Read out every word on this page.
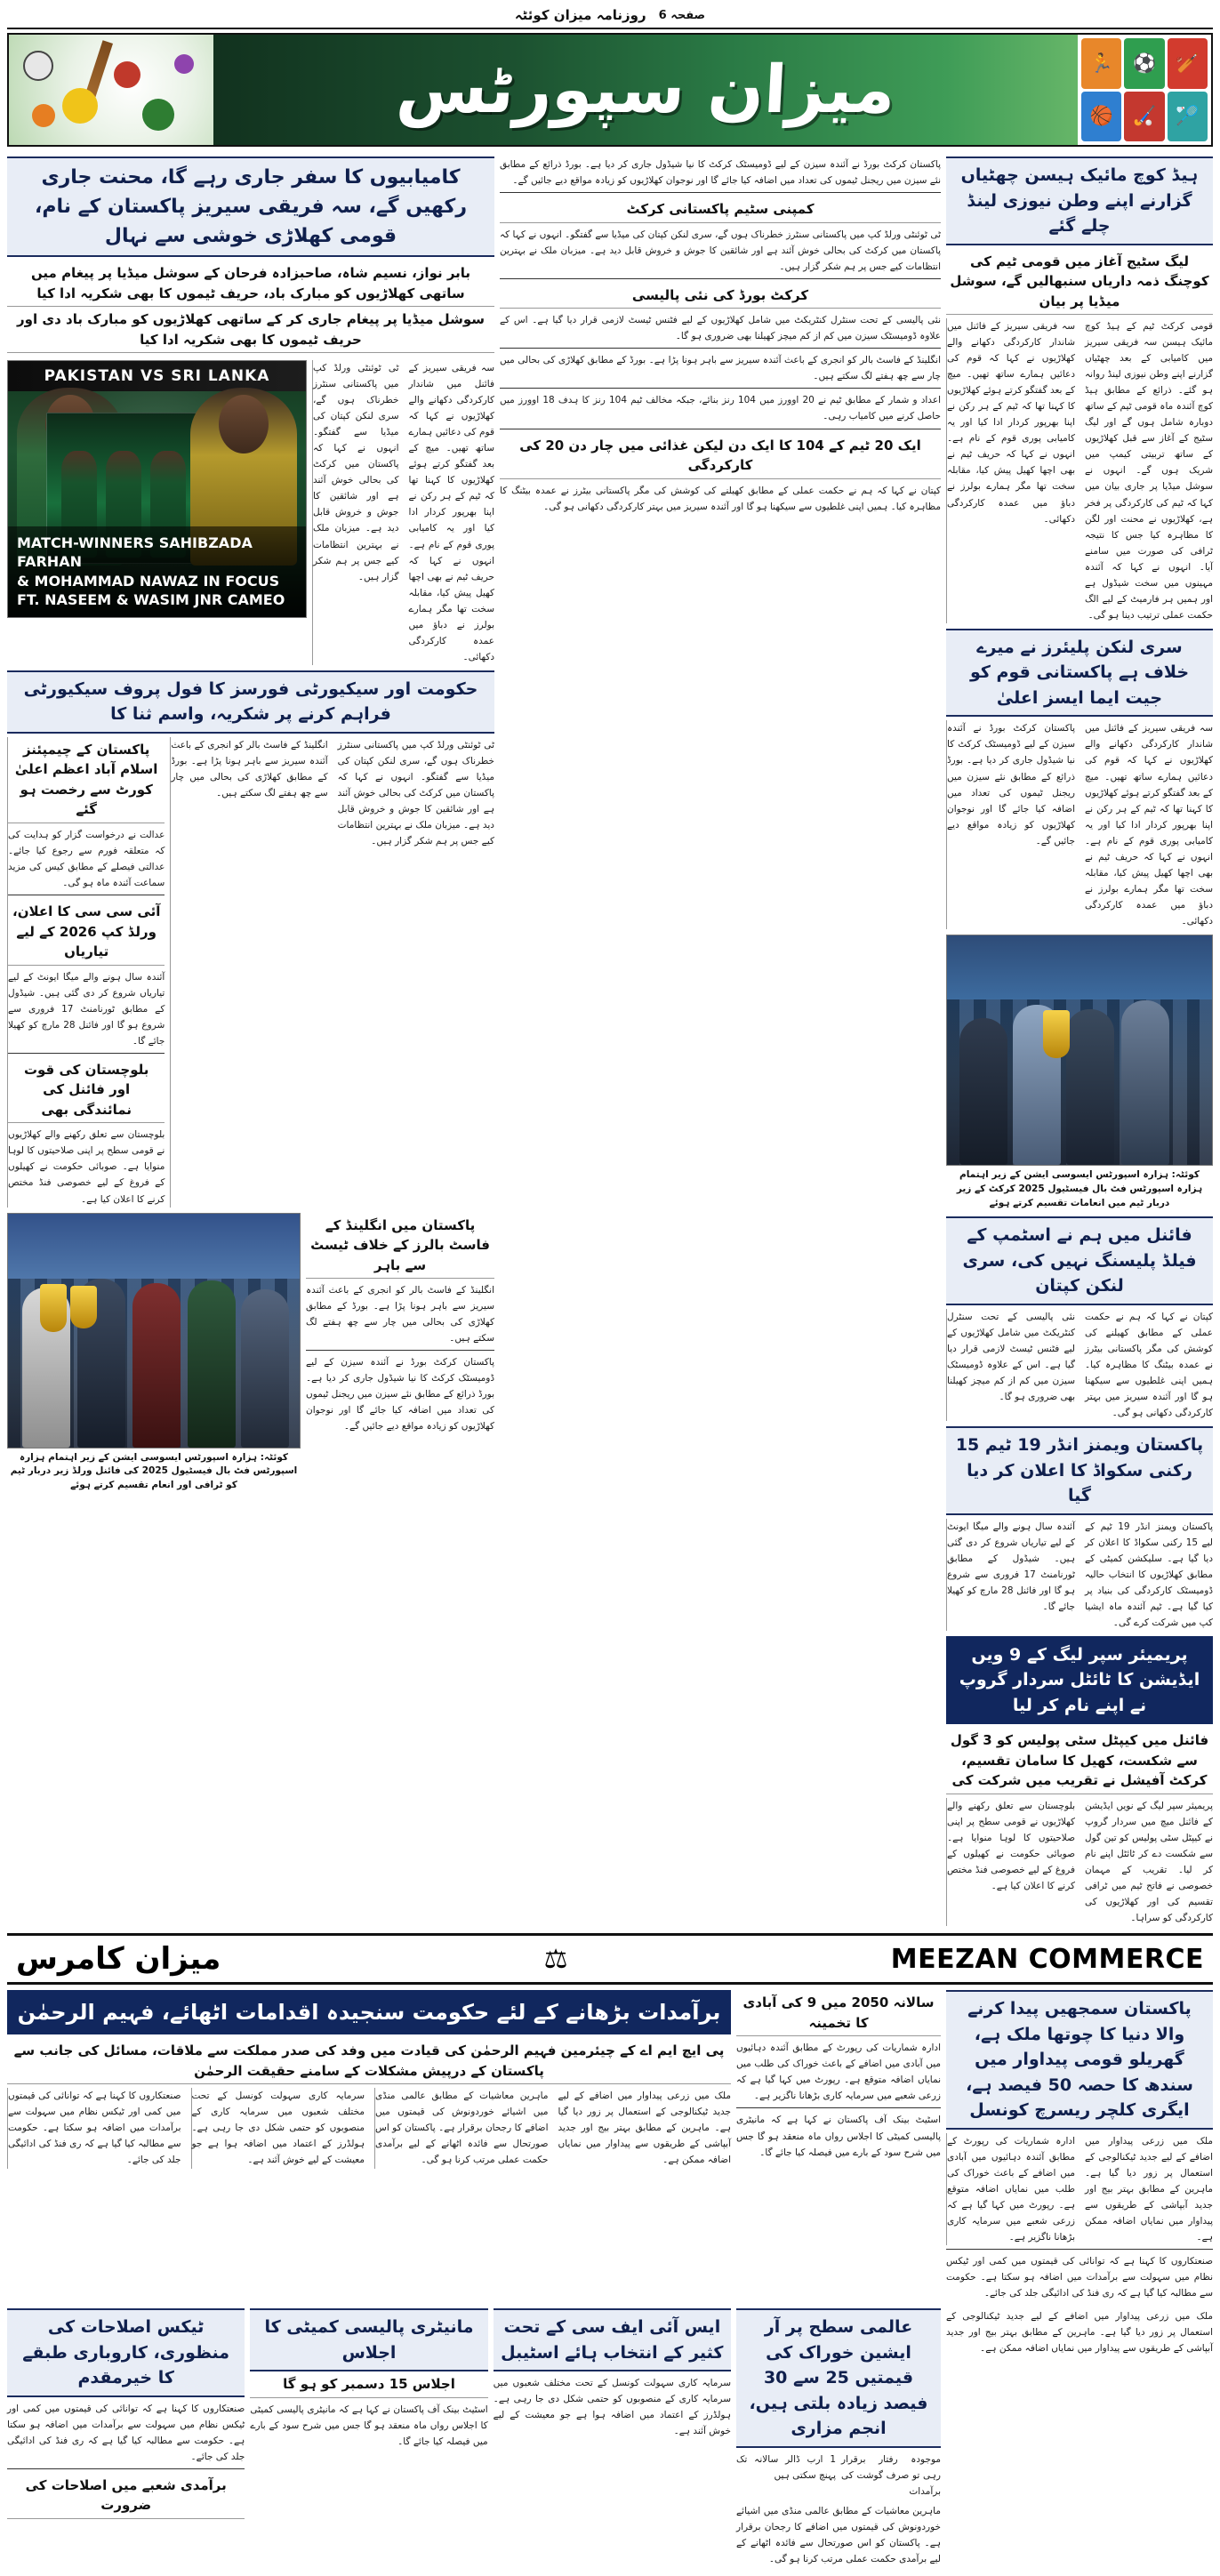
صفحہ 6
روزنامہ میزان کوئٹہ
🏏
⚽
🏃
🏸
🏑
🏀
میزان سپورٹس
ہیڈ کوچ مائیک ہیسن چھٹیاں گزارنے اپنے وطن نیوزی لینڈ چلے گئے
لیگ سٹیج آغاز میں قومی ٹیم کی کوچنگ ذمہ داریاں سنبھالیں گے، سوشل میڈیا پر بیان
قومی کرکٹ ٹیم کے ہیڈ کوچ مائیک ہیسن سہ فریقی سیریز میں کامیابی کے بعد چھٹیاں گزارنے اپنے وطن نیوزی لینڈ روانہ ہو گئے۔ ذرائع کے مطابق ہیڈ کوچ آئندہ ماہ قومی ٹیم کے ساتھ دوبارہ شامل ہوں گے اور لیگ سٹیج کے آغاز سے قبل کھلاڑیوں کے ساتھ تربیتی کیمپ میں شریک ہوں گے۔ انہوں نے سوشل میڈیا پر جاری بیان میں کہا کہ ٹیم کی کارکردگی پر فخر ہے، کھلاڑیوں نے محنت اور لگن کا مظاہرہ کیا جس کا نتیجہ ٹرافی کی صورت میں سامنے آیا۔ انہوں نے کہا کہ آئندہ مہینوں میں سخت شیڈول ہے اور ہمیں ہر فارمیٹ کے لیے الگ حکمت عملی ترتیب دینا ہو گی۔
سہ فریقی سیریز کے فائنل میں شاندار کارکردگی دکھانے والے کھلاڑیوں نے کہا کہ قوم کی دعائیں ہمارے ساتھ تھیں۔ میچ کے بعد گفتگو کرتے ہوئے کھلاڑیوں کا کہنا تھا کہ ٹیم کے ہر رکن نے اپنا بھرپور کردار ادا کیا اور یہ کامیابی پوری قوم کے نام ہے۔ انہوں نے کہا کہ حریف ٹیم نے بھی اچھا کھیل پیش کیا، مقابلہ سخت تھا مگر ہمارے بولرز نے دباؤ میں عمدہ کارکردگی دکھائی۔
سری لنکن پلیئرز نے میرے خلاف ہے پاکستانی قوم کو جیت ایما ایسز اعلیٰ
سہ فریقی سیریز کے فائنل میں شاندار کارکردگی دکھانے والے کھلاڑیوں نے کہا کہ قوم کی دعائیں ہمارے ساتھ تھیں۔ میچ کے بعد گفتگو کرتے ہوئے کھلاڑیوں کا کہنا تھا کہ ٹیم کے ہر رکن نے اپنا بھرپور کردار ادا کیا اور یہ کامیابی پوری قوم کے نام ہے۔ انہوں نے کہا کہ حریف ٹیم نے بھی اچھا کھیل پیش کیا، مقابلہ سخت تھا مگر ہمارے بولرز نے دباؤ میں عمدہ کارکردگی دکھائی۔
پاکستان کرکٹ بورڈ نے آئندہ سیزن کے لیے ڈومیسٹک کرکٹ کا نیا شیڈول جاری کر دیا ہے۔ بورڈ ذرائع کے مطابق نئے سیزن میں ریجنل ٹیموں کی تعداد میں اضافہ کیا جائے گا اور نوجوان کھلاڑیوں کو زیادہ مواقع دیے جائیں گے۔
کوئٹہ: ہزارہ اسپورٹس ایسوسی ایشن کے زیر اہتمام ہزارہ اسپورٹس فٹ بال فیسٹیول 2025 کرکٹ کے زیر دربار ٹیم میں انعامات تقسیم کرتے ہوئے
فائنل میں ہم نے اسٹمپ کے فیلڈ پلیسنگ نہیں کی، سری لنکن کپتان
کپتان نے کہا کہ ہم نے حکمت عملی کے مطابق کھیلنے کی کوشش کی مگر پاکستانی بیٹرز نے عمدہ بیٹنگ کا مظاہرہ کیا۔ ہمیں اپنی غلطیوں سے سیکھنا ہو گا اور آئندہ سیریز میں بہتر کارکردگی دکھانی ہو گی۔
نئی پالیسی کے تحت سنٹرل کنٹریکٹ میں شامل کھلاڑیوں کے لیے فٹنس ٹیسٹ لازمی قرار دیا گیا ہے۔ اس کے علاوہ ڈومیسٹک سیزن میں کم از کم میچز کھیلنا بھی ضروری ہو گا۔
پاکستان ویمنز انڈر 19 ٹیم 15 رکنی سکواڈ کا اعلان کر دیا گیا
پاکستان ویمنز انڈر 19 ٹیم کے لیے 15 رکنی سکواڈ کا اعلان کر دیا گیا ہے۔ سلیکشن کمیٹی کے مطابق کھلاڑیوں کا انتخاب حالیہ ڈومیسٹک کارکردگی کی بنیاد پر کیا گیا ہے۔ ٹیم آئندہ ماہ ایشیا کپ میں شرکت کرے گی۔
آئندہ سال ہونے والے میگا ایونٹ کے لیے تیاریاں شروع کر دی گئی ہیں۔ شیڈول کے مطابق ٹورنامنٹ 17 فروری سے شروع ہو گا اور فائنل 28 مارچ کو کھیلا جائے گا۔
پریمیئر سپر لیگ کے 9 ویں ایڈیشن کا ٹائٹل سردار گروپ نے اپنے نام کر لیا
فائنل میں کیپٹل سٹی پولیس کو 3 گول سے شکست، کھیل کا سامان تقسیم، کرکٹ آفیشل نے تقریب میں شرکت کی
پریمیئر سپر لیگ کے نویں ایڈیشن کے فائنل میچ میں سردار گروپ نے کیپٹل سٹی پولیس کو تین گول سے شکست دے کر ٹائٹل اپنے نام کر لیا۔ تقریب کے مہمان خصوصی نے فاتح ٹیم میں ٹرافی تقسیم کی اور کھلاڑیوں کی کارکردگی کو سراہا۔
بلوچستان سے تعلق رکھنے والے کھلاڑیوں نے قومی سطح پر اپنی صلاحیتوں کا لوہا منوایا ہے۔ صوبائی حکومت نے کھیلوں کے فروغ کے لیے خصوصی فنڈ مختص کرنے کا اعلان کیا ہے۔
پاکستان کرکٹ بورڈ نے آئندہ سیزن کے لیے ڈومیسٹک کرکٹ کا نیا شیڈول جاری کر دیا ہے۔ بورڈ ذرائع کے مطابق نئے سیزن میں ریجنل ٹیموں کی تعداد میں اضافہ کیا جائے گا اور نوجوان کھلاڑیوں کو زیادہ مواقع دیے جائیں گے۔
کمپنی سٹیم پاکستانی کرکٹ
ٹی ٹوئنٹی ورلڈ کپ میں پاکستانی سنٹرز خطرناک ہوں گے، سری لنکن کپتان کی میڈیا سے گفتگو۔ انہوں نے کہا کہ پاکستان میں کرکٹ کی بحالی خوش آئند ہے اور شائقین کا جوش و خروش قابل دید ہے۔ میزبان ملک نے بہترین انتظامات کیے جس پر ہم شکر گزار ہیں۔
کرکٹ بورڈ کی نئی پالیسی
نئی پالیسی کے تحت سنٹرل کنٹریکٹ میں شامل کھلاڑیوں کے لیے فٹنس ٹیسٹ لازمی قرار دیا گیا ہے۔ اس کے علاوہ ڈومیسٹک سیزن میں کم از کم میچز کھیلنا بھی ضروری ہو گا۔
انگلینڈ کے فاسٹ بالر کو انجری کے باعث آئندہ سیریز سے باہر ہونا پڑا ہے۔ بورڈ کے مطابق کھلاڑی کی بحالی میں چار سے چھ ہفتے لگ سکتے ہیں۔
اعداد و شمار کے مطابق ٹیم نے 20 اوورز میں 104 رنز بنائے، جبکہ مخالف ٹیم 104 رنز کا ہدف 18 اوورز میں حاصل کرنے میں کامیاب رہی۔
ایک 20 ٹیم کے 104 کا ایک دن لیکن غذائی میں چار دن 20 کی کارکردگی
کپتان نے کہا کہ ہم نے حکمت عملی کے مطابق کھیلنے کی کوشش کی مگر پاکستانی بیٹرز نے عمدہ بیٹنگ کا مظاہرہ کیا۔ ہمیں اپنی غلطیوں سے سیکھنا ہو گا اور آئندہ سیریز میں بہتر کارکردگی دکھانی ہو گی۔
کامیابیوں کا سفر جاری رہے گا، محنت جاری رکھیں گے، سہ فریقی سیریز پاکستان کے نام، قومی کھلاڑی خوشی سے نہال
بابر نواز، نسیم شاہ، صاحبزادہ فرحان کے سوشل میڈیا پر پیغام میں ساتھی کھلاڑیوں کو مبارک باد، حریف ٹیموں کا بھی شکریہ ادا کیا
سوشل میڈیا پر پیغام جاری کر کے ساتھی کھلاڑیوں کو مبارک باد دی اور حریف ٹیموں کا بھی شکریہ ادا کیا
سہ فریقی سیریز کے فائنل میں شاندار کارکردگی دکھانے والے کھلاڑیوں نے کہا کہ قوم کی دعائیں ہمارے ساتھ تھیں۔ میچ کے بعد گفتگو کرتے ہوئے کھلاڑیوں کا کہنا تھا کہ ٹیم کے ہر رکن نے اپنا بھرپور کردار ادا کیا اور یہ کامیابی پوری قوم کے نام ہے۔ انہوں نے کہا کہ حریف ٹیم نے بھی اچھا کھیل پیش کیا، مقابلہ سخت تھا مگر ہمارے بولرز نے دباؤ میں عمدہ کارکردگی دکھائی۔
ٹی ٹوئنٹی ورلڈ کپ میں پاکستانی سنٹرز خطرناک ہوں گے، سری لنکن کپتان کی میڈیا سے گفتگو۔ انہوں نے کہا کہ پاکستان میں کرکٹ کی بحالی خوش آئند ہے اور شائقین کا جوش و خروش قابل دید ہے۔ میزبان ملک نے بہترین انتظامات کیے جس پر ہم شکر گزار ہیں۔
PAKISTAN VS SRI LANKA
MATCH-WINNERS SAHIBZADA FARHAN
& MOHAMMAD NAWAZ IN FOCUS
FT. NASEEM & WASIM JNR CAMEO
حکومت اور سیکیورٹی فورسز کا فول پروف سیکیورٹی فراہم کرنے پر شکریہ، واسم ثنا کا
ٹی ٹوئنٹی ورلڈ کپ میں پاکستانی سنٹرز خطرناک ہوں گے، سری لنکن کپتان کی میڈیا سے گفتگو۔ انہوں نے کہا کہ پاکستان میں کرکٹ کی بحالی خوش آئند ہے اور شائقین کا جوش و خروش قابل دید ہے۔ میزبان ملک نے بہترین انتظامات کیے جس پر ہم شکر گزار ہیں۔
انگلینڈ کے فاسٹ بالر کو انجری کے باعث آئندہ سیریز سے باہر ہونا پڑا ہے۔ بورڈ کے مطابق کھلاڑی کی بحالی میں چار سے چھ ہفتے لگ سکتے ہیں۔
پاکستان کے چیمپئنز اسلام آباد اعظم اعلیٰ کورٹ سے رخصت ہو گئے
عدالت نے درخواست گزار کو ہدایت کی کہ متعلقہ فورم سے رجوع کیا جائے۔ عدالتی فیصلے کے مطابق کیس کی مزید سماعت آئندہ ماہ ہو گی۔
آئی سی سی کا اعلان، ورلڈ کپ 2026 کے لیے تیاریاں
آئندہ سال ہونے والے میگا ایونٹ کے لیے تیاریاں شروع کر دی گئی ہیں۔ شیڈول کے مطابق ٹورنامنٹ 17 فروری سے شروع ہو گا اور فائنل 28 مارچ کو کھیلا جائے گا۔
بلوچستان کی قوت اور فائنل کی نمائندگی بھی
بلوچستان سے تعلق رکھنے والے کھلاڑیوں نے قومی سطح پر اپنی صلاحیتوں کا لوہا منوایا ہے۔ صوبائی حکومت نے کھیلوں کے فروغ کے لیے خصوصی فنڈ مختص کرنے کا اعلان کیا ہے۔
پاکستان میں انگلینڈ کے فاسٹ بالرز کے خلاف ٹیسٹ سے باہر
انگلینڈ کے فاسٹ بالر کو انجری کے باعث آئندہ سیریز سے باہر ہونا پڑا ہے۔ بورڈ کے مطابق کھلاڑی کی بحالی میں چار سے چھ ہفتے لگ سکتے ہیں۔
پاکستان کرکٹ بورڈ نے آئندہ سیزن کے لیے ڈومیسٹک کرکٹ کا نیا شیڈول جاری کر دیا ہے۔ بورڈ ذرائع کے مطابق نئے سیزن میں ریجنل ٹیموں کی تعداد میں اضافہ کیا جائے گا اور نوجوان کھلاڑیوں کو زیادہ مواقع دیے جائیں گے۔
کوئٹہ: ہزارہ اسپورٹس ایسوسی ایشن کے زیر اہتمام ہزارہ اسپورٹس فٹ بال فیسٹیول 2025 کی فائنل ورلڈ زیر دربار ٹیم کو ٹرافی اور انعام تقسیم کرتے ہوئے
MEEZAN COMMERCE
⚖
میزان کامرس
پاکستان سمجھیں پیدا کرنے والا دنیا کا چوتھا ملک ہے، گھریلو قومی پیداوار میں سندھ کا حصہ 50 فیصد ہے، ایگری کلچر ریسرچ کونسل
ملک میں زرعی پیداوار میں اضافے کے لیے جدید ٹیکنالوجی کے استعمال پر زور دیا گیا ہے۔ ماہرین کے مطابق بہتر بیج اور جدید آبپاشی کے طریقوں سے پیداوار میں نمایاں اضافہ ممکن ہے۔
ادارہ شماریات کی رپورٹ کے مطابق آئندہ دہائیوں میں آبادی میں اضافے کے باعث خوراک کی طلب میں نمایاں اضافہ متوقع ہے۔ رپورٹ میں کہا گیا ہے کہ زرعی شعبے میں سرمایہ کاری بڑھانا ناگزیر ہے۔
صنعتکاروں کا کہنا ہے کہ توانائی کی قیمتوں میں کمی اور ٹیکس نظام میں سہولت سے برآمدات میں اضافہ ہو سکتا ہے۔ حکومت سے مطالبہ کیا گیا ہے کہ ری فنڈ کی ادائیگی جلد کی جائے۔
سالانہ 2050 میں 9 کی آبادی کا تخمینہ
ادارہ شماریات کی رپورٹ کے مطابق آئندہ دہائیوں میں آبادی میں اضافے کے باعث خوراک کی طلب میں نمایاں اضافہ متوقع ہے۔ رپورٹ میں کہا گیا ہے کہ زرعی شعبے میں سرمایہ کاری بڑھانا ناگزیر ہے۔
اسٹیٹ بینک آف پاکستان نے کہا ہے کہ مانیٹری پالیسی کمیٹی کا اجلاس رواں ماہ منعقد ہو گا جس میں شرح سود کے بارے میں فیصلہ کیا جائے گا۔
برآمدات بڑھانے کے لئے حکومت سنجیدہ اقدامات اٹھائے، فہیم الرحمٰن
پی ایچ ایم اے کے چیئرمین فہیم الرحمٰن کی قیادت میں وفد کی صدر مملکت سے ملاقات، مسائل کی جانب سے پاکستان کے درپیش مشکلات کے سامنے حقیقت الرحمٰن
ملک میں زرعی پیداوار میں اضافے کے لیے جدید ٹیکنالوجی کے استعمال پر زور دیا گیا ہے۔ ماہرین کے مطابق بہتر بیج اور جدید آبپاشی کے طریقوں سے پیداوار میں نمایاں اضافہ ممکن ہے۔
ماہرین معاشیات کے مطابق عالمی منڈی میں اشیائے خوردونوش کی قیمتوں میں اضافے کا رجحان برقرار ہے۔ پاکستان کو اس صورتحال سے فائدہ اٹھانے کے لیے برآمدی حکمت عملی مرتب کرنا ہو گی۔
سرمایہ کاری سہولت کونسل کے تحت مختلف شعبوں میں سرمایہ کاری کے منصوبوں کو حتمی شکل دی جا رہی ہے۔ ہولڈرز کے اعتماد میں اضافہ ہوا ہے جو معیشت کے لیے خوش آئند ہے۔
صنعتکاروں کا کہنا ہے کہ توانائی کی قیمتوں میں کمی اور ٹیکس نظام میں سہولت سے برآمدات میں اضافہ ہو سکتا ہے۔ حکومت سے مطالبہ کیا گیا ہے کہ ری فنڈ کی ادائیگی جلد کی جائے۔
ملک میں زرعی پیداوار میں اضافے کے لیے جدید ٹیکنالوجی کے استعمال پر زور دیا گیا ہے۔ ماہرین کے مطابق بہتر بیج اور جدید آبپاشی کے طریقوں سے پیداوار میں نمایاں اضافہ ممکن ہے۔
عالمی سطح پر آر ایشین خوراک کی قیمتیں 25 سے 30 فیصد زیادہ بلتی ہیں، انجم مزاری
موجودہ رفتار برقرار رہی تو صرف گوشت کی برآمدات
1 ارب ڈالر سالانہ تک پہنچ سکتی ہیں
ماہرین معاشیات کے مطابق عالمی منڈی میں اشیائے خوردونوش کی قیمتوں میں اضافے کا رجحان برقرار ہے۔ پاکستان کو اس صورتحال سے فائدہ اٹھانے کے لیے برآمدی حکمت عملی مرتب کرنا ہو گی۔
ایس آئی ایف سی کے تحت کثیر کے انتخاب ہائے اسٹیبل
سرمایہ کاری سہولت کونسل کے تحت مختلف شعبوں میں سرمایہ کاری کے منصوبوں کو حتمی شکل دی جا رہی ہے۔ ہولڈرز کے اعتماد میں اضافہ ہوا ہے جو معیشت کے لیے خوش آئند ہے۔
مانیٹری پالیسی کمیٹی کا اجلاس
اجلاس 15 دسمبر کو ہو گا
اسٹیٹ بینک آف پاکستان نے کہا ہے کہ مانیٹری پالیسی کمیٹی کا اجلاس رواں ماہ منعقد ہو گا جس میں شرح سود کے بارے میں فیصلہ کیا جائے گا۔
ٹیکس اصلاحات کی منظوری، کاروباری طبقے کا خیرمقدم
صنعتکاروں کا کہنا ہے کہ توانائی کی قیمتوں میں کمی اور ٹیکس نظام میں سہولت سے برآمدات میں اضافہ ہو سکتا ہے۔ حکومت سے مطالبہ کیا گیا ہے کہ ری فنڈ کی ادائیگی جلد کی جائے۔
برآمدی شعبے میں اصلاحات کی ضرورت
